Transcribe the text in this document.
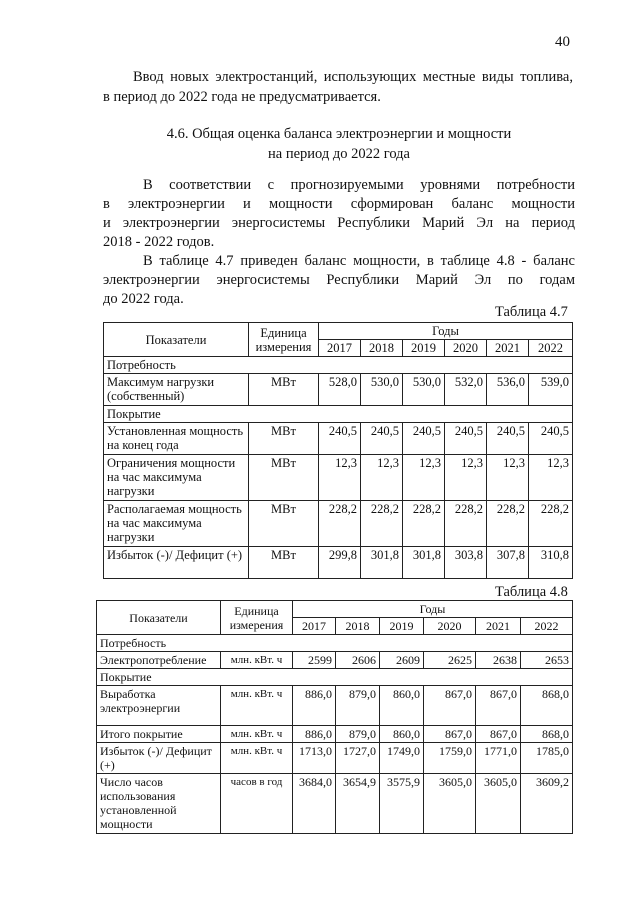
40
Ввод новых электростанций, использующих местные виды топлива,
в период до 2022 года не предусматривается.
4.6. Общая оценка баланса электроэнергии и мощности
на период до 2022 года
В соответствии с прогнозируемыми уровнями потребности
в электроэнергии и мощности сформирован баланс мощности
и электроэнергии энергосистемы Республики Марий Эл на период
2018 - 2022 годов.
В таблице 4.7 приведен баланс мощности, в таблице 4.8 - баланс
электроэнергии энергосистемы Республики Марий Эл по годам
до 2022 года.
Таблица 4.7
Показатели	Единица измерения	Годы					
		2017	2018	2019	2020	2021	2022
Потребность							
Максимум нагрузки (собственный)	МВт	528,0	530,0	530,0	532,0	536,0	539,0
Покрытие							
Установленная мощность на конец года	МВт	240,5	240,5	240,5	240,5	240,5	240,5
Ограничения мощности на час максимума нагрузки	МВт	12,3	12,3	12,3	12,3	12,3	12,3
Располагаемая мощность на час максимума нагрузки	МВт	228,2	228,2	228,2	228,2	228,2	228,2
Избыток (-)/ Дефицит (+)	МВт	299,8	301,8	301,8	303,8	307,8	310,8
Таблица 4.8
Показатели	Единица измерения	Годы					
		2017	2018	2019	2020	2021	2022
Потребность							
Электропотребление	млн. кВт. ч	2599	2606	2609	2625	2638	2653
Покрытие							
Выработка электроэнергии	млн. кВт. ч	886,0	879,0	860,0	867,0	867,0	868,0
Итого покрытие	млн. кВт. ч	886,0	879,0	860,0	867,0	867,0	868,0
Избыток (-)/ Дефицит (+)	млн. кВт. ч	1713,0	1727,0	1749,0	1759,0	1771,0	1785,0
Число часов использования установленной мощности	часов в год	3684,0	3654,9	3575,9	3605,0	3605,0	3609,2
